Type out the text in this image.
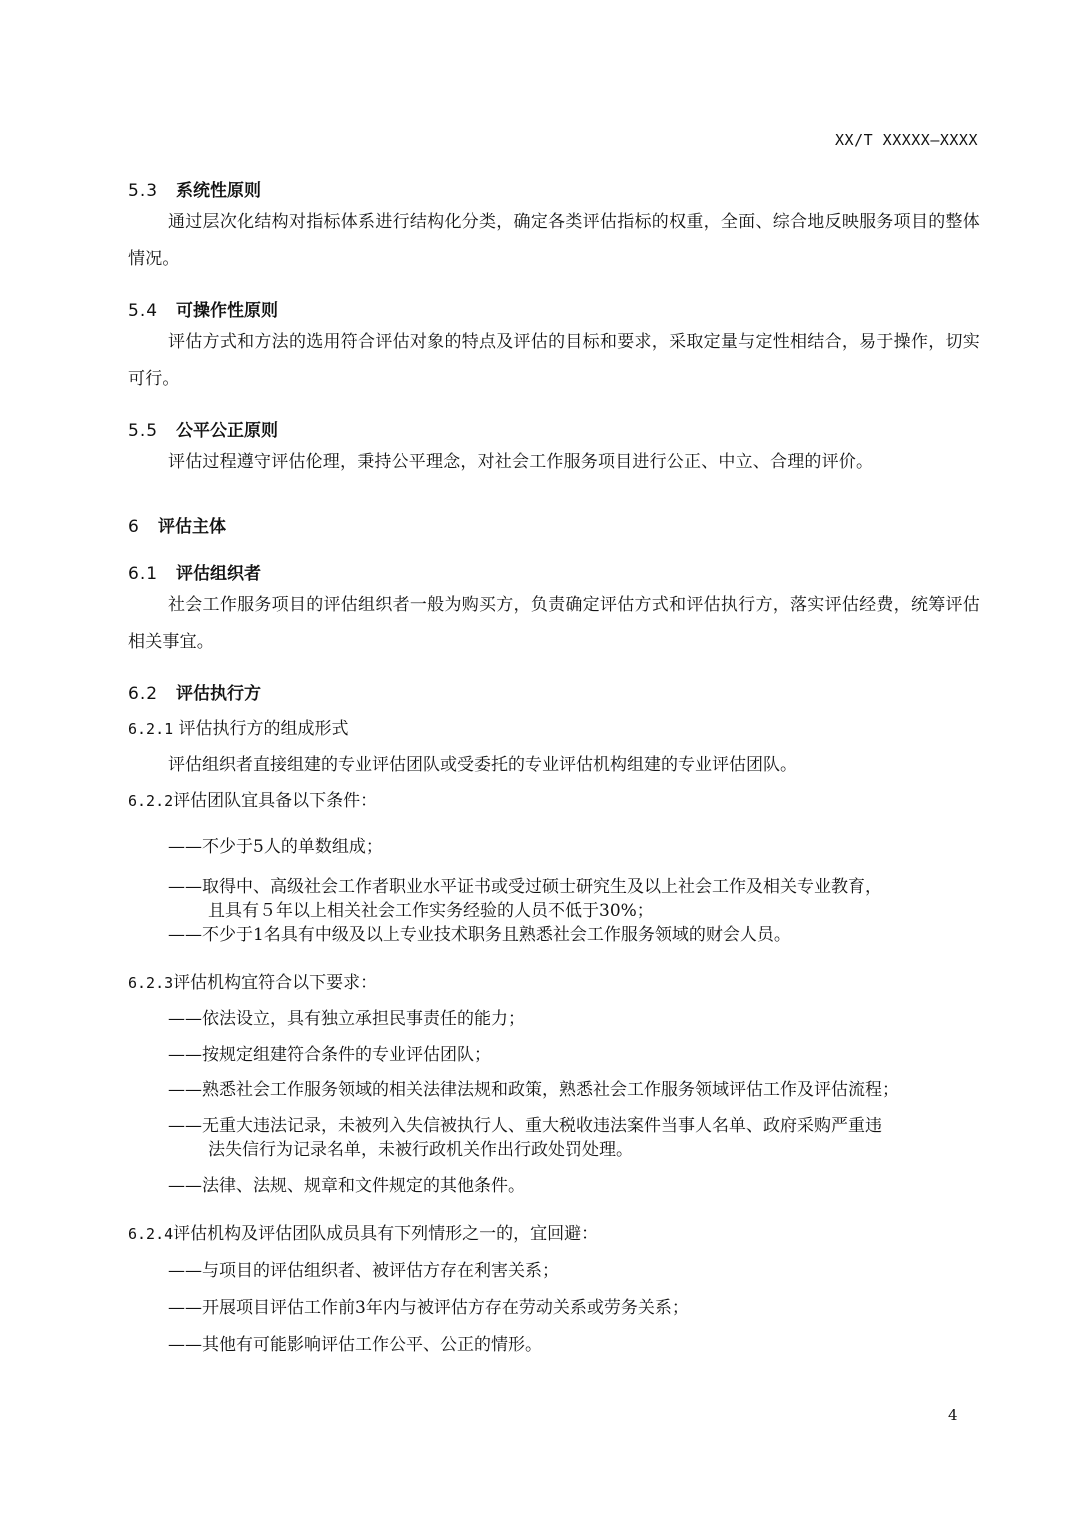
XX/T XXXXX—XXXX
5.3 系统性原则
通过层次化结构对指标体系进行结构化分类，确定各类评估指标的权重，全面、综合地反映服务项目的整体情况。
5.4 可操作性原则
评估方式和方法的选用符合评估对象的特点及评估的目标和要求，采取定量与定性相结合，易于操作，切实可行。
5.5 公平公正原则
评估过程遵守评估伦理，秉持公平理念，对社会工作服务项目进行公正、中立、合理的评价。
6 评估主体
6.1 评估组织者
社会工作服务项目的评估组织者一般为购买方，负责确定评估方式和评估执行方，落实评估经费，统筹评估相关事宜。
6.2 评估执行方
6.2.1 评估执行方的组成形式
评估组织者直接组建的专业评估团队或受委托的专业评估机构组建的专业评估团队。
6.2.2评估团队宜具备以下条件：
——不少于5人的单数组成；
——取得中、高级社会工作者职业水平证书或受过硕士研究生及以上社会工作及相关专业教育，
且具有５年以上相关社会工作实务经验的人员不低于30%；
——不少于1名具有中级及以上专业技术职务且熟悉社会工作服务领域的财会人员。
6.2.3评估机构宜符合以下要求：
——依法设立，具有独立承担民事责任的能力；
——按规定组建符合条件的专业评估团队；
——熟悉社会工作服务领域的相关法律法规和政策，熟悉社会工作服务领域评估工作及评估流程；
——无重大违法记录，未被列入失信被执行人、重大税收违法案件当事人名单、政府采购严重违
法失信行为记录名单，未被行政机关作出行政处罚处理。
——法律、法规、规章和文件规定的其他条件。
6.2.4评估机构及评估团队成员具有下列情形之一的，宜回避：
——与项目的评估组织者、被评估方存在利害关系；
——开展项目评估工作前3年内与被评估方存在劳动关系或劳务关系；
——其他有可能影响评估工作公平、公正的情形。
4
